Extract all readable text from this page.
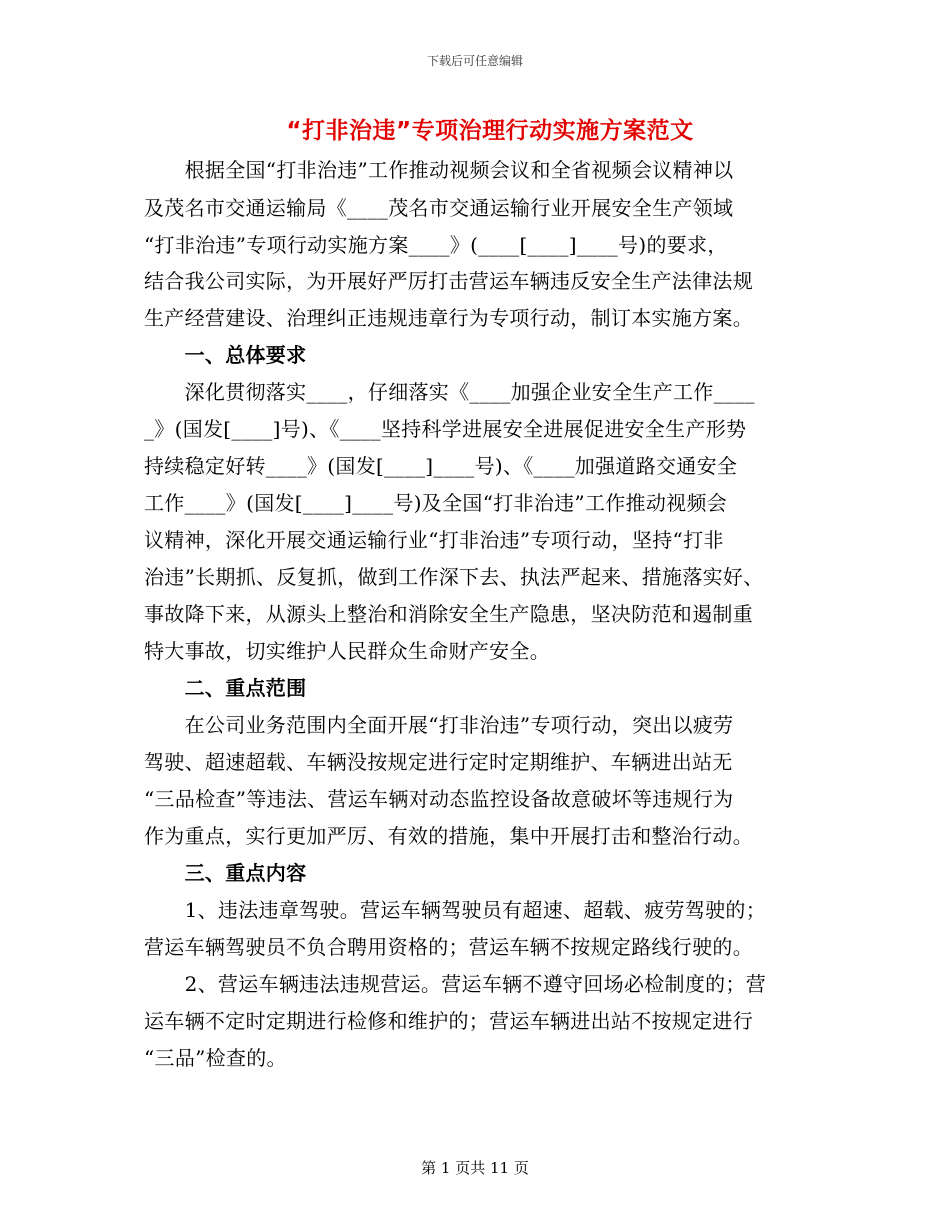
下载后可任意编辑
“打非治违”专项治理行动实施方案范文
　　根据全国“打非治违”工作推动视频会议和全省视频会议精神以
及茂名市交通运输局《____茂名市交通运输行业开展安全生产领域
“打非治违”专项行动实施方案____》(____[____]____号)的要求，
结合我公司实际，为开展好严厉打击营运车辆违反安全生产法律法规
生产经营建设、治理纠正违规违章行为专项行动，制订本实施方案。
　　一、总体要求
　　深化贯彻落实____，仔细落实《____加强企业安全生产工作____
_》(国发[____]号)、《____坚持科学进展安全进展促进安全生产形势
持续稳定好转____》(国发[____]____号)、《____加强道路交通安全
工作____》(国发[____]____号)及全国“打非治违”工作推动视频会
议精神，深化开展交通运输行业“打非治违”专项行动，坚持“打非
治违”长期抓、反复抓，做到工作深下去、执法严起来、措施落实好、
事故降下来，从源头上整治和消除安全生产隐患，坚决防范和遏制重
特大事故，切实维护人民群众生命财产安全。
　　二、重点范围
　　在公司业务范围内全面开展“打非治违”专项行动，突出以疲劳
驾驶、超速超载、车辆没按规定进行定时定期维护、车辆进出站无
“三品检查”等违法、营运车辆对动态监控设备故意破坏等违规行为
作为重点，实行更加严厉、有效的措施，集中开展打击和整治行动。
　　三、重点内容
　　1、违法违章驾驶。营运车辆驾驶员有超速、超载、疲劳驾驶的；
营运车辆驾驶员不负合聘用资格的；营运车辆不按规定路线行驶的。
　　2、营运车辆违法违规营运。营运车辆不遵守回场必检制度的；营
运车辆不定时定期进行检修和维护的；营运车辆进出站不按规定进行
“三品”检查的。
第 1 页共 11 页
